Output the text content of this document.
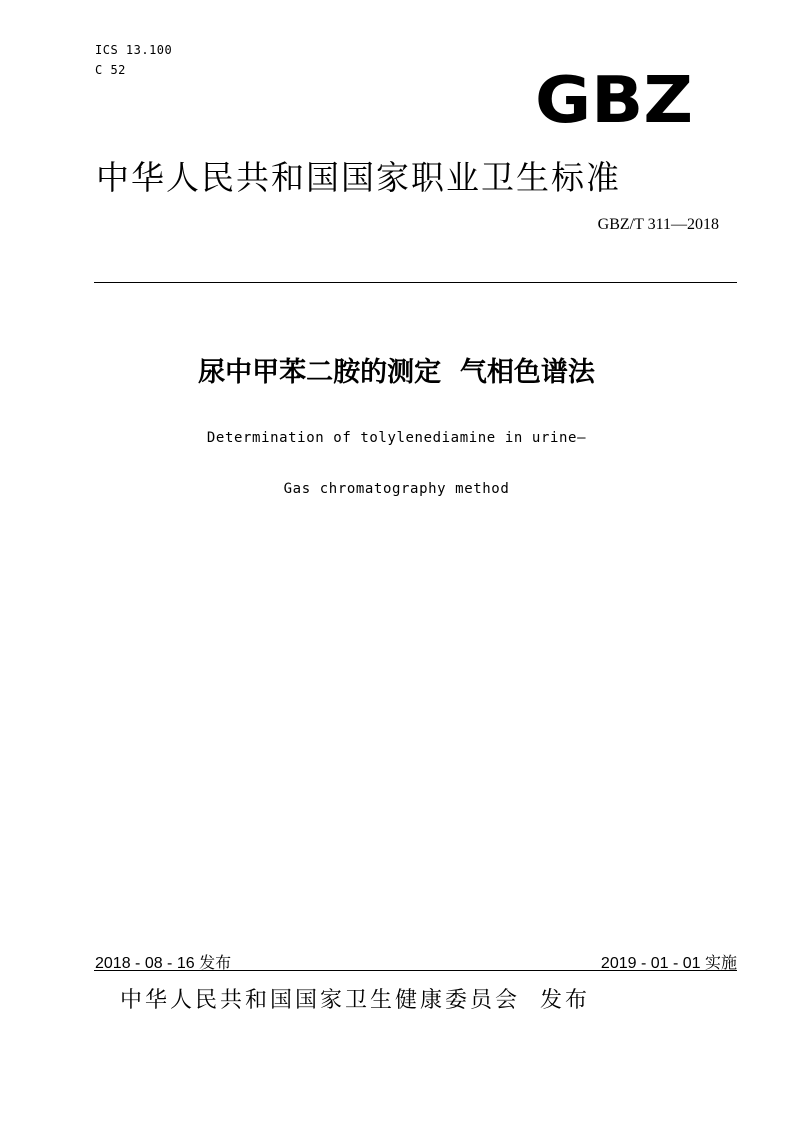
ICS 13.100
C 52	GBZ
中华人民共和国国家职业卫生标准
GBZ/T 311—2018
尿中甲苯二胺的测定  气相色谱法
Determination of tolylenediamine in urine—
Gas chromatography method
2018 - 08 - 16 发布	2019 - 01 - 01 实施
中华人民共和国国家卫生健康委员会  发布
